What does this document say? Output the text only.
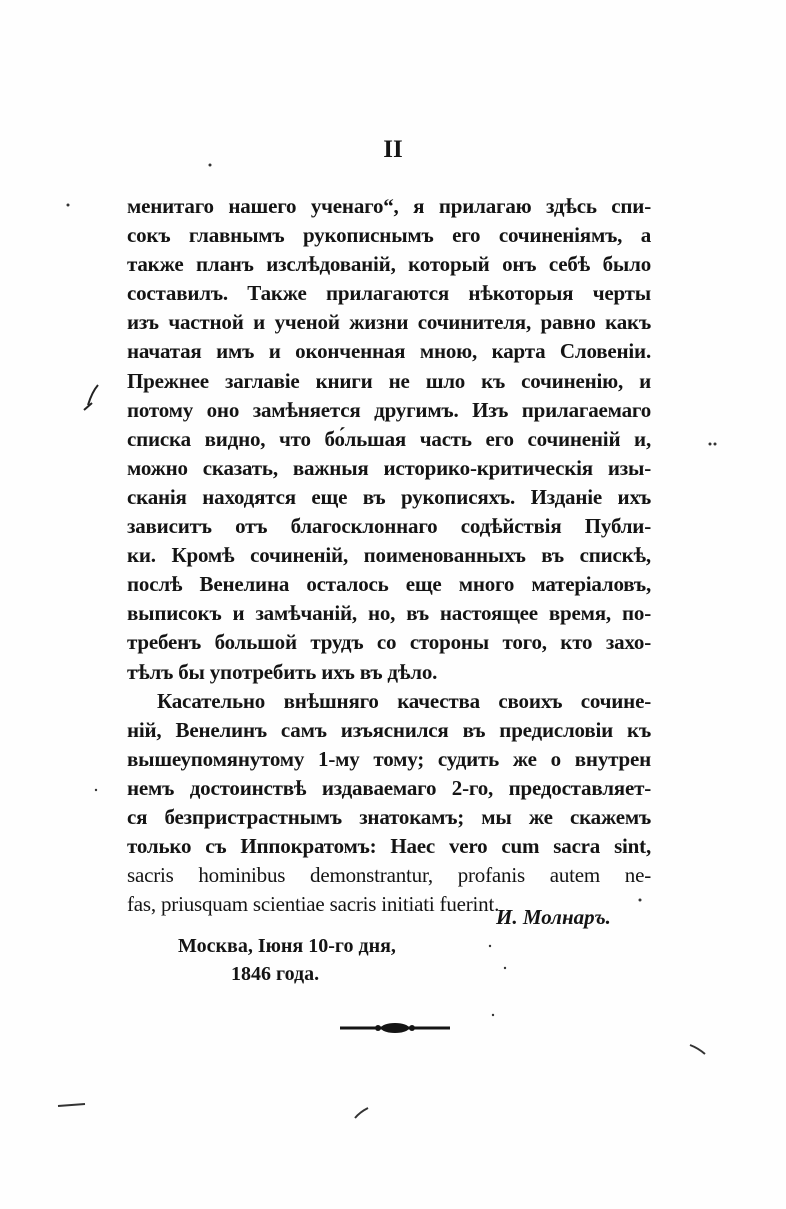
II
менитаго нашего ученаго“, я прилагаю здѣсь спи-
сокъ главнымъ рукописнымъ его сочиненіямъ, а
также планъ изслѣдованій, который онъ себѣ было
составилъ. Также прилагаются нѣкоторыя черты
изъ частной и ученой жизни сочинителя, равно какъ
начатая имъ и оконченная мною, карта Словеніи.
Прежнее заглавіе книги не шло къ сочиненію, и
потому оно замѣняется другимъ. Изъ прилагаемаго
списка видно, что бо́льшая часть его сочиненій и,
можно сказать, важныя историко-критическія изы-
сканія находятся еще въ рукописяхъ. Изданіе ихъ
зависитъ отъ благосклоннаго содѣйствія Публи-
ки. Кромѣ сочиненій, поименованныхъ въ спискѣ,
послѣ Венелина осталось еще много матеріаловъ,
выписокъ и замѣчаній, но, въ настоящее время, по-
требенъ большой трудъ со стороны того, кто захо-
тѣлъ бы употребить ихъ въ дѣло.
Касательно внѣшняго качества своихъ сочине-
ній, Венелинъ самъ изъяснился въ предисловіи къ
вышеупомянутому 1-му тому; судить же о внутрен
немъ достоинствѣ издаваемаго 2-го, предоставляет-
ся безпристрастнымъ знатокамъ; мы же скажемъ
только съ Иппократомъ: Haec vero cum sacra sint,
sacris hominibus demonstrantur, profanis autem ne-
fas, priusquam scientiae sacris initiati fuerint.
И. Молнаръ.
Москва, Іюня 10-го дня,
1846 года.
